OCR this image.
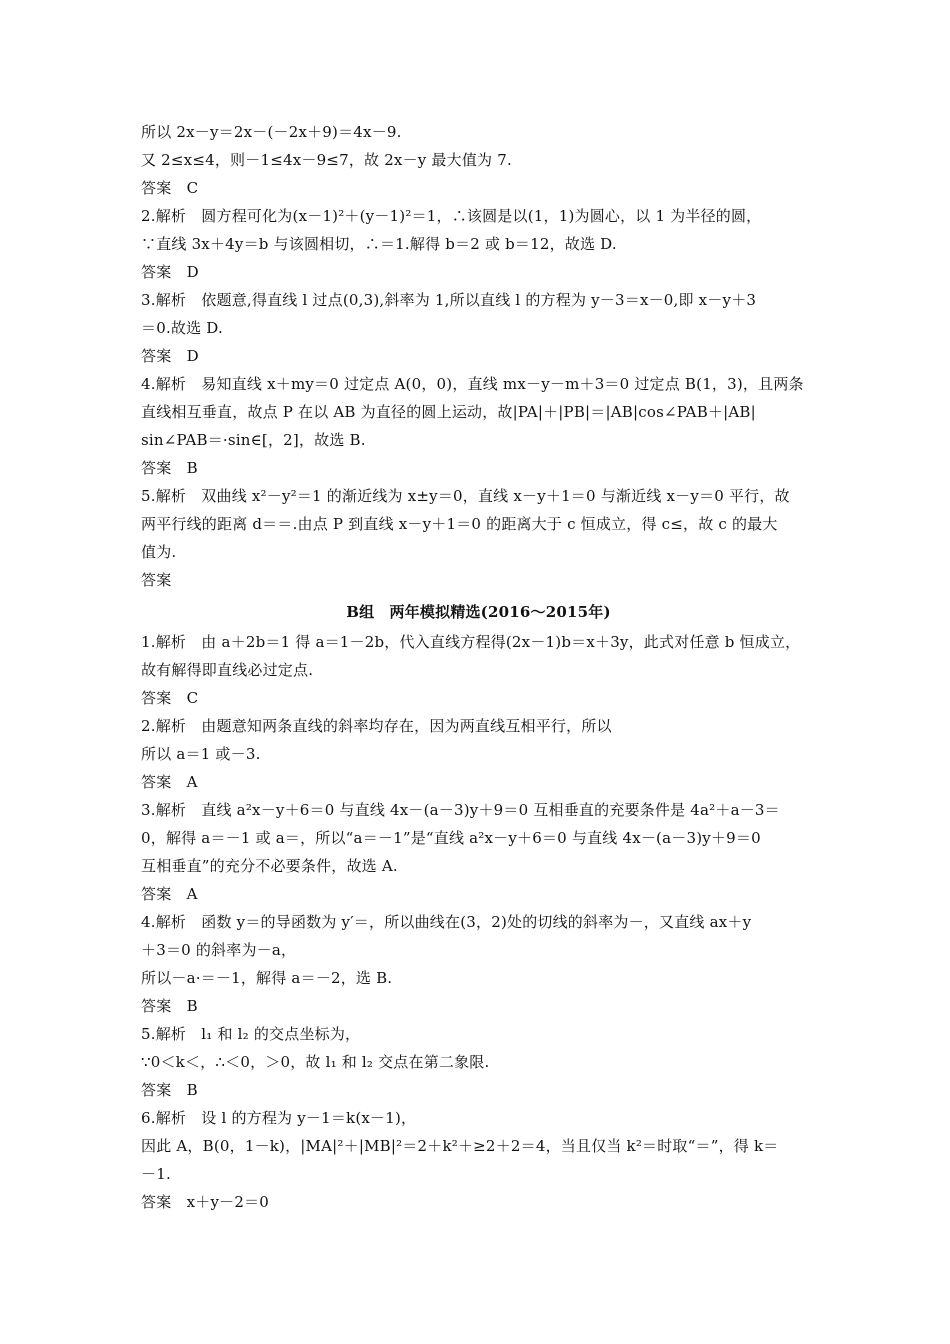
所以 2x－y＝2x－(－2x＋9)＝4x－9.
又 2≤x≤4，则－1≤4x－9≤7，故 2x－y 最大值为 7.
答案　C
2.解析　圆方程可化为(x－1)²＋(y－1)²＝1，∴该圆是以(1，1)为圆心，以 1 为半径的圆，
∵直线 3x＋4y＝b 与该圆相切，∴＝1.解得 b＝2 或 b＝12，故选 D.
答案　D
3.解析　依题意,得直线 l 过点(0,3),斜率为 1,所以直线 l 的方程为 y－3＝x－0,即 x－y＋3
＝0.故选 D.
答案　D
4.解析　易知直线 x＋my＝0 过定点 A(0，0)，直线 mx－y－m＋3＝0 过定点 B(1，3)，且两条
直线相互垂直，故点 P 在以 AB 为直径的圆上运动，故|PA|＋|PB|＝|AB|cos∠PAB＋|AB|
sin∠PAB＝·sin∈[，2]，故选 B.
答案　B
5.解析　双曲线 x²－y²＝1 的渐近线为 x±y＝0，直线 x－y＋1＝0 与渐近线 x－y＝0 平行，故
两平行线的距离 d＝＝.由点 P 到直线 x－y＋1＝0 的距离大于 c 恒成立，得 c≤，故 c 的最大
值为.
答案
B组　两年模拟精选(2016～2015年)
1.解析　由 a＋2b＝1 得 a＝1－2b，代入直线方程得(2x－1)b＝x＋3y，此式对任意 b 恒成立，
故有解得即直线必过定点.
答案　C
2.解析　由题意知两条直线的斜率均存在，因为两直线互相平行，所以
所以 a＝1 或－3.
答案　A
3.解析　直线 a²x－y＋6＝0 与直线 4x－(a－3)y＋9＝0 互相垂直的充要条件是 4a²＋a－3＝
0，解得 a＝－1 或 a＝，所以“a＝－1”是“直线 a²x－y＋6＝0 与直线 4x－(a－3)y＋9＝0
互相垂直”的充分不必要条件，故选 A.
答案　A
4.解析　函数 y＝的导函数为 y′＝，所以曲线在(3，2)处的切线的斜率为－，又直线 ax＋y
＋3＝0 的斜率为－a，
所以－a·＝－1，解得 a＝－2，选 B.
答案　B
5.解析　l₁ 和 l₂ 的交点坐标为，
∵0＜k＜，∴＜0，＞0，故 l₁ 和 l₂ 交点在第二象限.
答案　B
6.解析　设 l 的方程为 y－1＝k(x－1)，
因此 A，B(0，1－k)，|MA|²＋|MB|²＝2＋k²＋≥2＋2＝4，当且仅当 k²＝时取“＝”，得 k＝
－1.
答案　x＋y－2＝0
